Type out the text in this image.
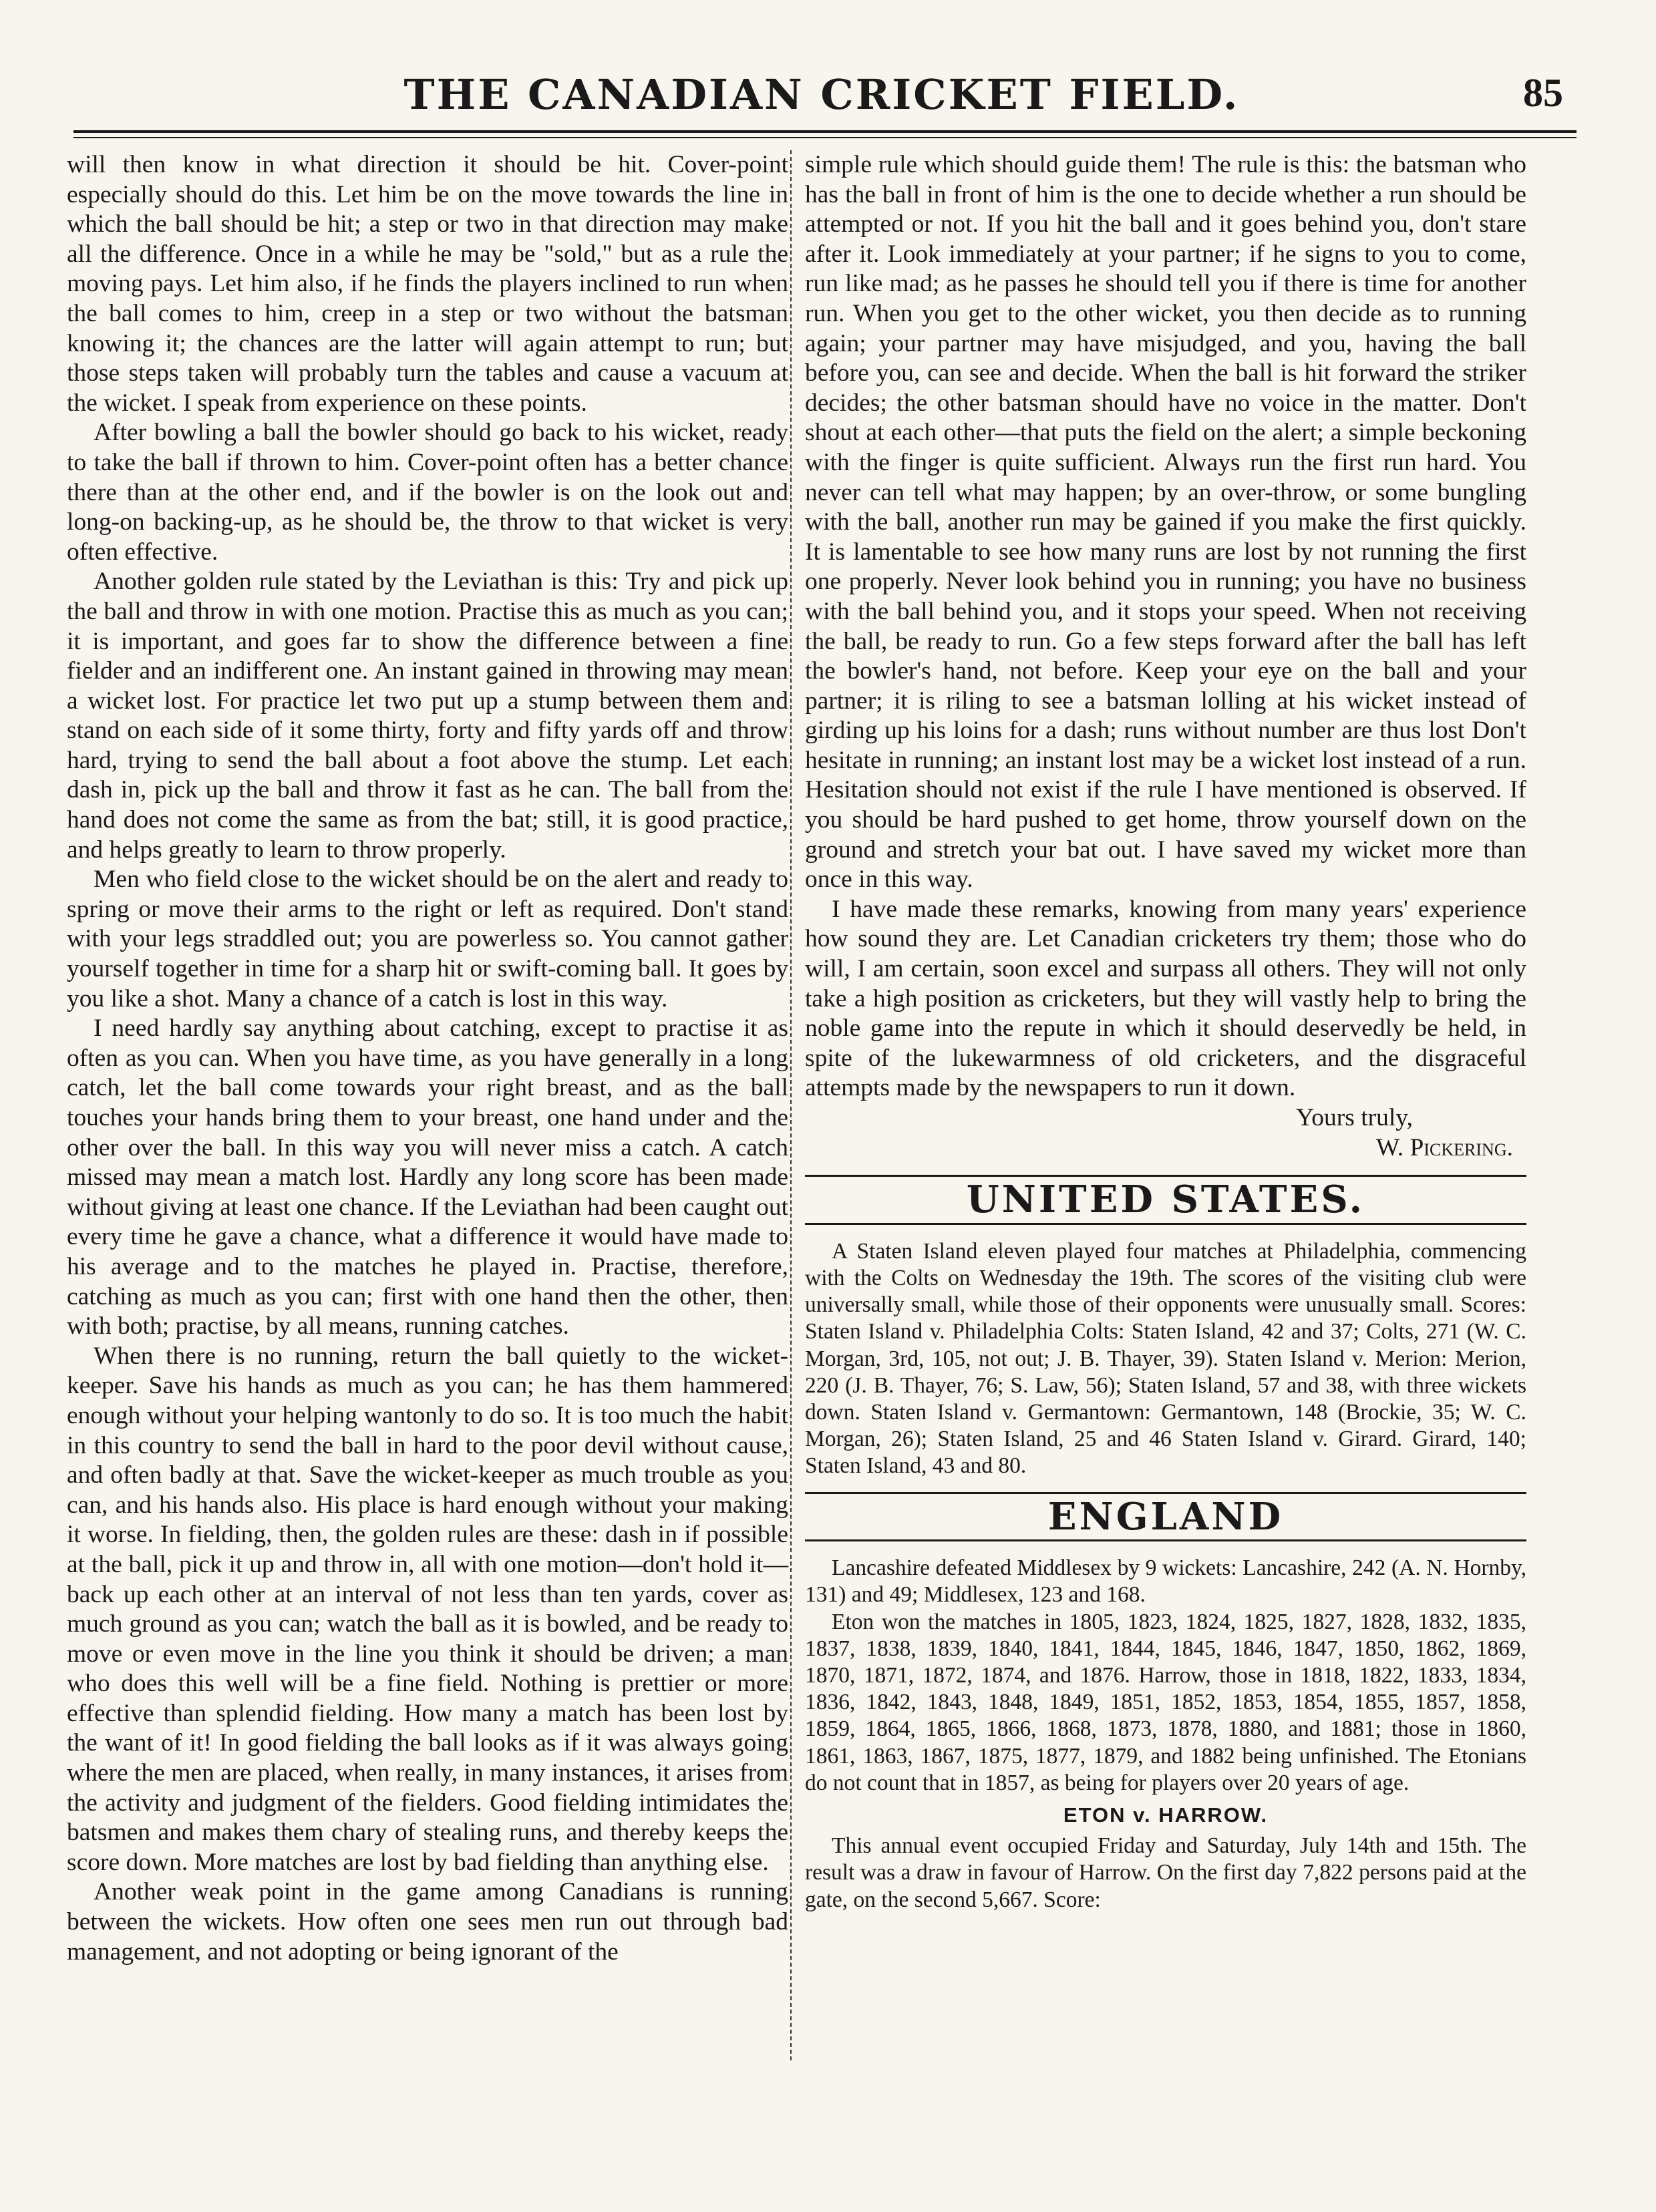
THE CANADIAN CRICKET FIELD.	85

will then know in what direction it should be hit. Cover-point especially should do this. Let him be on the move towards the line in which the ball should be hit; a step or two in that direction may make all the difference. Once in a while he may be "sold," but as a rule the moving pays. Let him also, if he finds the players inclined to run when the ball comes to him, creep in a step or two without the batsman knowing it; the chances are the latter will again attempt to run; but those steps taken will probably turn the tables and cause a vacuum at the wicket. I speak from experience on these points.

After bowling a ball the bowler should go back to his wicket, ready to take the ball if thrown to him. Cover-point often has a better chance there than at the other end, and if the bowler is on the look out and long-on backing-up, as he should be, the throw to that wicket is very often effective.

Another golden rule stated by the Leviathan is this: Try and pick up the ball and throw in with one motion. Practise this as much as you can; it is important, and goes far to show the difference between a fine fielder and an indifferent one. An instant gained in throwing may mean a wicket lost. For practice let two put up a stump between them and stand on each side of it some thirty, forty and fifty yards off and throw hard, trying to send the ball about a foot above the stump. Let each dash in, pick up the ball and throw it fast as he can. The ball from the hand does not come the same as from the bat; still, it is good practice, and helps greatly to learn to throw properly.

Men who field close to the wicket should be on the alert and ready to spring or move their arms to the right or left as required. Don't stand with your legs straddled out; you are powerless so. You cannot gather yourself together in time for a sharp hit or swift-coming ball. It goes by you like a shot. Many a chance of a catch is lost in this way.

I need hardly say anything about catching, except to practise it as often as you can. When you have time, as you have generally in a long catch, let the ball come towards your right breast, and as the ball touches your hands bring them to your breast, one hand under and the other over the ball. In this way you will never miss a catch. A catch missed may mean a match lost. Hardly any long score has been made without giving at least one chance. If the Leviathan had been caught out every time he gave a chance, what a difference it would have made to his average and to the matches he played in. Practise, therefore, catching as much as you can; first with one hand then the other, then with both; practise, by all means, running catches.

When there is no running, return the ball quietly to the wicket-keeper. Save his hands as much as you can; he has them hammered enough without your helping wantonly to do so. It is too much the habit in this country to send the ball in hard to the poor devil without cause, and often badly at that. Save the wicket-keeper as much trouble as you can, and his hands also. His place is hard enough without your making it worse. In fielding, then, the golden rules are these: dash in if possible at the ball, pick it up and throw in, all with one motion—don't hold it—back up each other at an interval of not less than ten yards, cover as much ground as you can; watch the ball as it is bowled, and be ready to move or even move in the line you think it should be driven; a man who does this well will be a fine field. Nothing is prettier or more effective than splendid fielding. How many a match has been lost by the want of it! In good fielding the ball looks as if it was always going where the men are placed, when really, in many instances, it arises from the activity and judgment of the fielders. Good fielding intimidates the batsmen and makes them chary of stealing runs, and thereby keeps the score down. More matches are lost by bad fielding than anything else.

Another weak point in the game among Canadians is running between the wickets. How often one sees men run out through bad management, and not adopting or being ignorant of the

simple rule which should guide them! The rule is this: the batsman who has the ball in front of him is the one to decide whether a run should be attempted or not. If you hit the ball and it goes behind you, don't stare after it. Look immediately at your partner; if he signs to you to come, run like mad; as he passes he should tell you if there is time for another run. When you get to the other wicket, you then decide as to running again; your partner may have misjudged, and you, having the ball before you, can see and decide. When the ball is hit forward the striker decides; the other batsman should have no voice in the matter. Don't shout at each other—that puts the field on the alert; a simple beckoning with the finger is quite sufficient. Always run the first run hard. You never can tell what may happen; by an over-throw, or some bungling with the ball, another run may be gained if you make the first quickly. It is lamentable to see how many runs are lost by not running the first one properly. Never look behind you in running; you have no business with the ball behind you, and it stops your speed. When not receiving the ball, be ready to run. Go a few steps forward after the ball has left the bowler's hand, not before. Keep your eye on the ball and your partner; it is riling to see a batsman lolling at his wicket instead of girding up his loins for a dash; runs without number are thus lost Don't hesitate in running; an instant lost may be a wicket lost instead of a run. Hesitation should not exist if the rule I have mentioned is observed. If you should be hard pushed to get home, throw yourself down on the ground and stretch your bat out. I have saved my wicket more than once in this way.

I have made these remarks, knowing from many years' experience how sound they are. Let Canadian cricketers try them; those who do will, I am certain, soon excel and surpass all others. They will not only take a high position as cricketers, but they will vastly help to bring the noble game into the repute in which it should deservedly be held, in spite of the lukewarmness of old cricketers, and the disgraceful attempts made by the newspapers to run it down.

Yours truly,

W. Pickering.

UNITED STATES.

A Staten Island eleven played four matches at Philadelphia, commencing with the Colts on Wednesday the 19th. The scores of the visiting club were universally small, while those of their opponents were unusually small. Scores: Staten Island v. Philadelphia Colts: Staten Island, 42 and 37; Colts, 271 (W. C. Morgan, 3rd, 105, not out; J. B. Thayer, 39). Staten Island v. Merion: Merion, 220 (J. B. Thayer, 76; S. Law, 56); Staten Island, 57 and 38, with three wickets down. Staten Island v. Germantown: Germantown, 148 (Brockie, 35; W. C. Morgan, 26); Staten Island, 25 and 46 Staten Island v. Girard. Girard, 140; Staten Island, 43 and 80.

ENGLAND

Lancashire defeated Middlesex by 9 wickets: Lancashire, 242 (A. N. Hornby, 131) and 49; Middlesex, 123 and 168.

Eton won the matches in 1805, 1823, 1824, 1825, 1827, 1828, 1832, 1835, 1837, 1838, 1839, 1840, 1841, 1844, 1845, 1846, 1847, 1850, 1862, 1869, 1870, 1871, 1872, 1874, and 1876. Harrow, those in 1818, 1822, 1833, 1834, 1836, 1842, 1843, 1848, 1849, 1851, 1852, 1853, 1854, 1855, 1857, 1858, 1859, 1864, 1865, 1866, 1868, 1873, 1878, 1880, and 1881; those in 1860, 1861, 1863, 1867, 1875, 1877, 1879, and 1882 being unfinished. The Etonians do not count that in 1857, as being for players over 20 years of age.

ETON v. HARROW.

This annual event occupied Friday and Saturday, July 14th and 15th. The result was a draw in favour of Harrow. On the first day 7,822 persons paid at the gate, on the second 5,667. Score:
